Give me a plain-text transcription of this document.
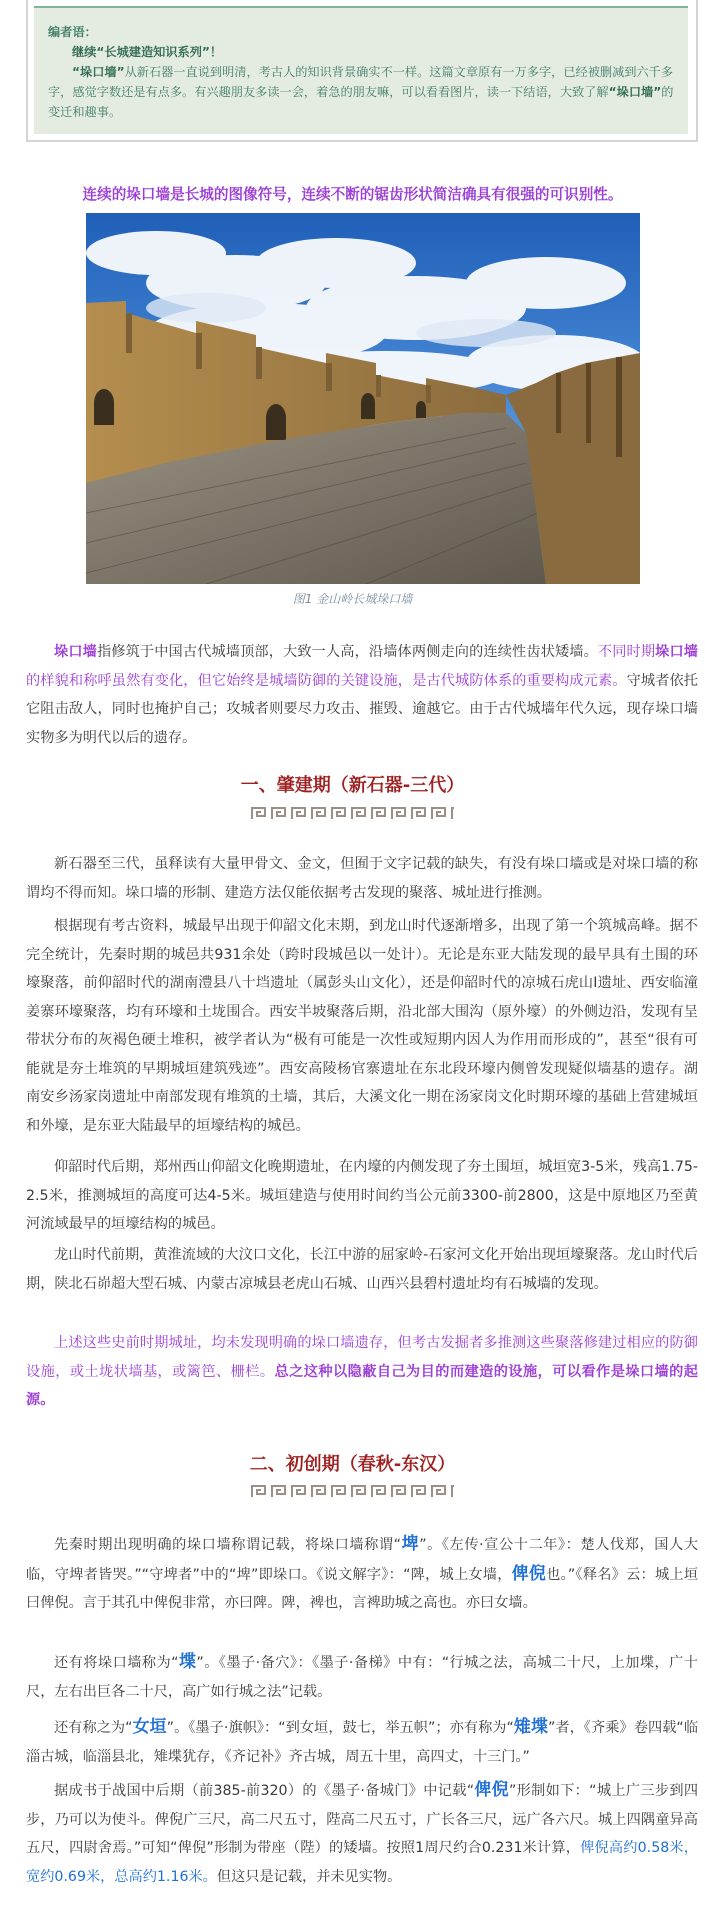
编者语：

继续“长城建造知识系列”！

“垛口墙”从新石器一直说到明清，考古人的知识背景确实不一样。这篇文章原有一万多字，已经被删减到六千多字，感觉字数还是有点多。有兴趣朋友多读一会，着急的朋友嘛，可以看看图片，读一下结语，大致了解“垛口墙”的变迁和趣事。

连续的垛口墙是长城的图像符号，连续不断的锯齿形状简洁确具有很强的可识别性。
图1 金山岭长城垛口墙

垛口墙指修筑于中国古代城墙顶部，大致一人高，沿墙体两侧走向的连续性齿状矮墙。不同时期垛口墙的样貌和称呼虽然有变化，但它始终是城墙防御的关键设施，是古代城防体系的重要构成元素。守城者依托它阻击敌人，同时也掩护自己；攻城者则要尽力攻击、摧毁、逾越它。由于古代城墙年代久远，现存垛口墙实物多为明代以后的遗存。

一、肇建期（新石器-三代）

新石器至三代，虽释读有大量甲骨文、金文，但囿于文字记载的缺失，有没有垛口墙或是对垛口墙的称谓均不得而知。垛口墙的形制、建造方法仅能依据考古发现的聚落、城址进行推测。

根据现有考古资料，城最早出现于仰韶文化末期，到龙山时代逐渐增多，出现了第一个筑城高峰。据不完全统计，先秦时期的城邑共931余处（跨时段城邑以一处计）。无论是东亚大陆发现的最早具有土围的环壕聚落，前仰韶时代的湖南澧县八十垱遗址（属彭头山文化），还是仰韶时代的凉城石虎山Ⅰ遗址、西安临潼姜寨环壕聚落，均有环壕和土垅围合。西安半坡聚落后期，沿北部大围沟（原外壕）的外侧边沿，发现有呈带状分布的灰褐色硬土堆积，被学者认为“极有可能是一次性或短期内因人为作用而形成的”，甚至“很有可能就是夯土堆筑的早期城垣建筑残迹”。西安高陵杨官寨遗址在东北段环壕内侧曾发现疑似墙基的遗存。湖南安乡汤家岗遗址中南部发现有堆筑的土墙，其后，大溪文化一期在汤家岗文化时期环壕的基础上营建城垣和外壕，是东亚大陆最早的垣壕结构的城邑。

仰韶时代后期，郑州西山仰韶文化晚期遗址，在内壕的内侧发现了夯土围垣，城垣宽3-5米，残高1.75-2.5米，推测城垣的高度可达4-5米。城垣建造与使用时间约当公元前3300-前2800，这是中原地区乃至黄河流域最早的垣壕结构的城邑。

龙山时代前期，黄淮流域的大汶口文化，长江中游的屈家岭-石家河文化开始出现垣壕聚落。龙山时代后期，陕北石峁超大型石城、内蒙古凉城县老虎山石城、山西兴县碧村遗址均有石城墙的发现。

上述这些史前时期城址，均未发现明确的垛口墙遗存，但考古发掘者多推测这些聚落修建过相应的防御设施，或土垅状墙基，或篱笆、栅栏。总之这种以隐蔽自己为目的而建造的设施，可以看作是垛口墙的起源。

二、初创期（春秋-东汉）

先秦时期出现明确的垛口墙称谓记载，将垛口墙称谓“埤”。《左传·宣公十二年》：楚人伐郑，国人大临，守埤者皆哭。”“守埤者”中的“埤”即垛口。《说文解字》：“陴，城上女墙，俾倪也。”《释名》云：城上垣曰俾倪。言于其孔中俾倪非常，亦曰陴。陴，裨也，言裨助城之高也。亦曰女墙。

还有将垛口墙称为“堞”。《墨子·备穴》：《墨子·备梯》中有：“行城之法，高城二十尺，上加堞，广十尺，左右出巨各二十尺，高广如行城之法”记载。

还有称之为“女垣”。《墨子·旗帜》：“到女垣，鼓七，举五帜”；亦有称为“雉堞”者，《齐乘》卷四载“临淄古城，临淄县北，雉堞犹存，《齐记补》齐古城，周五十里，高四丈，十三门。”

据成书于战国中后期（前385-前320）的《墨子·备城门》中记载“俾倪”形制如下：“城上广三步到四步，乃可以为使斗。俾倪广三尺，高二尺五寸，陛高二尺五寸，广长各三尺，远广各六尺。城上四隅童异高五尺，四尉舍焉。”可知“俾倪”形制为带座（陛）的矮墙。按照1周尺约合0.231米计算，俾倪高约0.58米，宽约0.69米，总高约1.16米。但这只是记载，并未见实物。
